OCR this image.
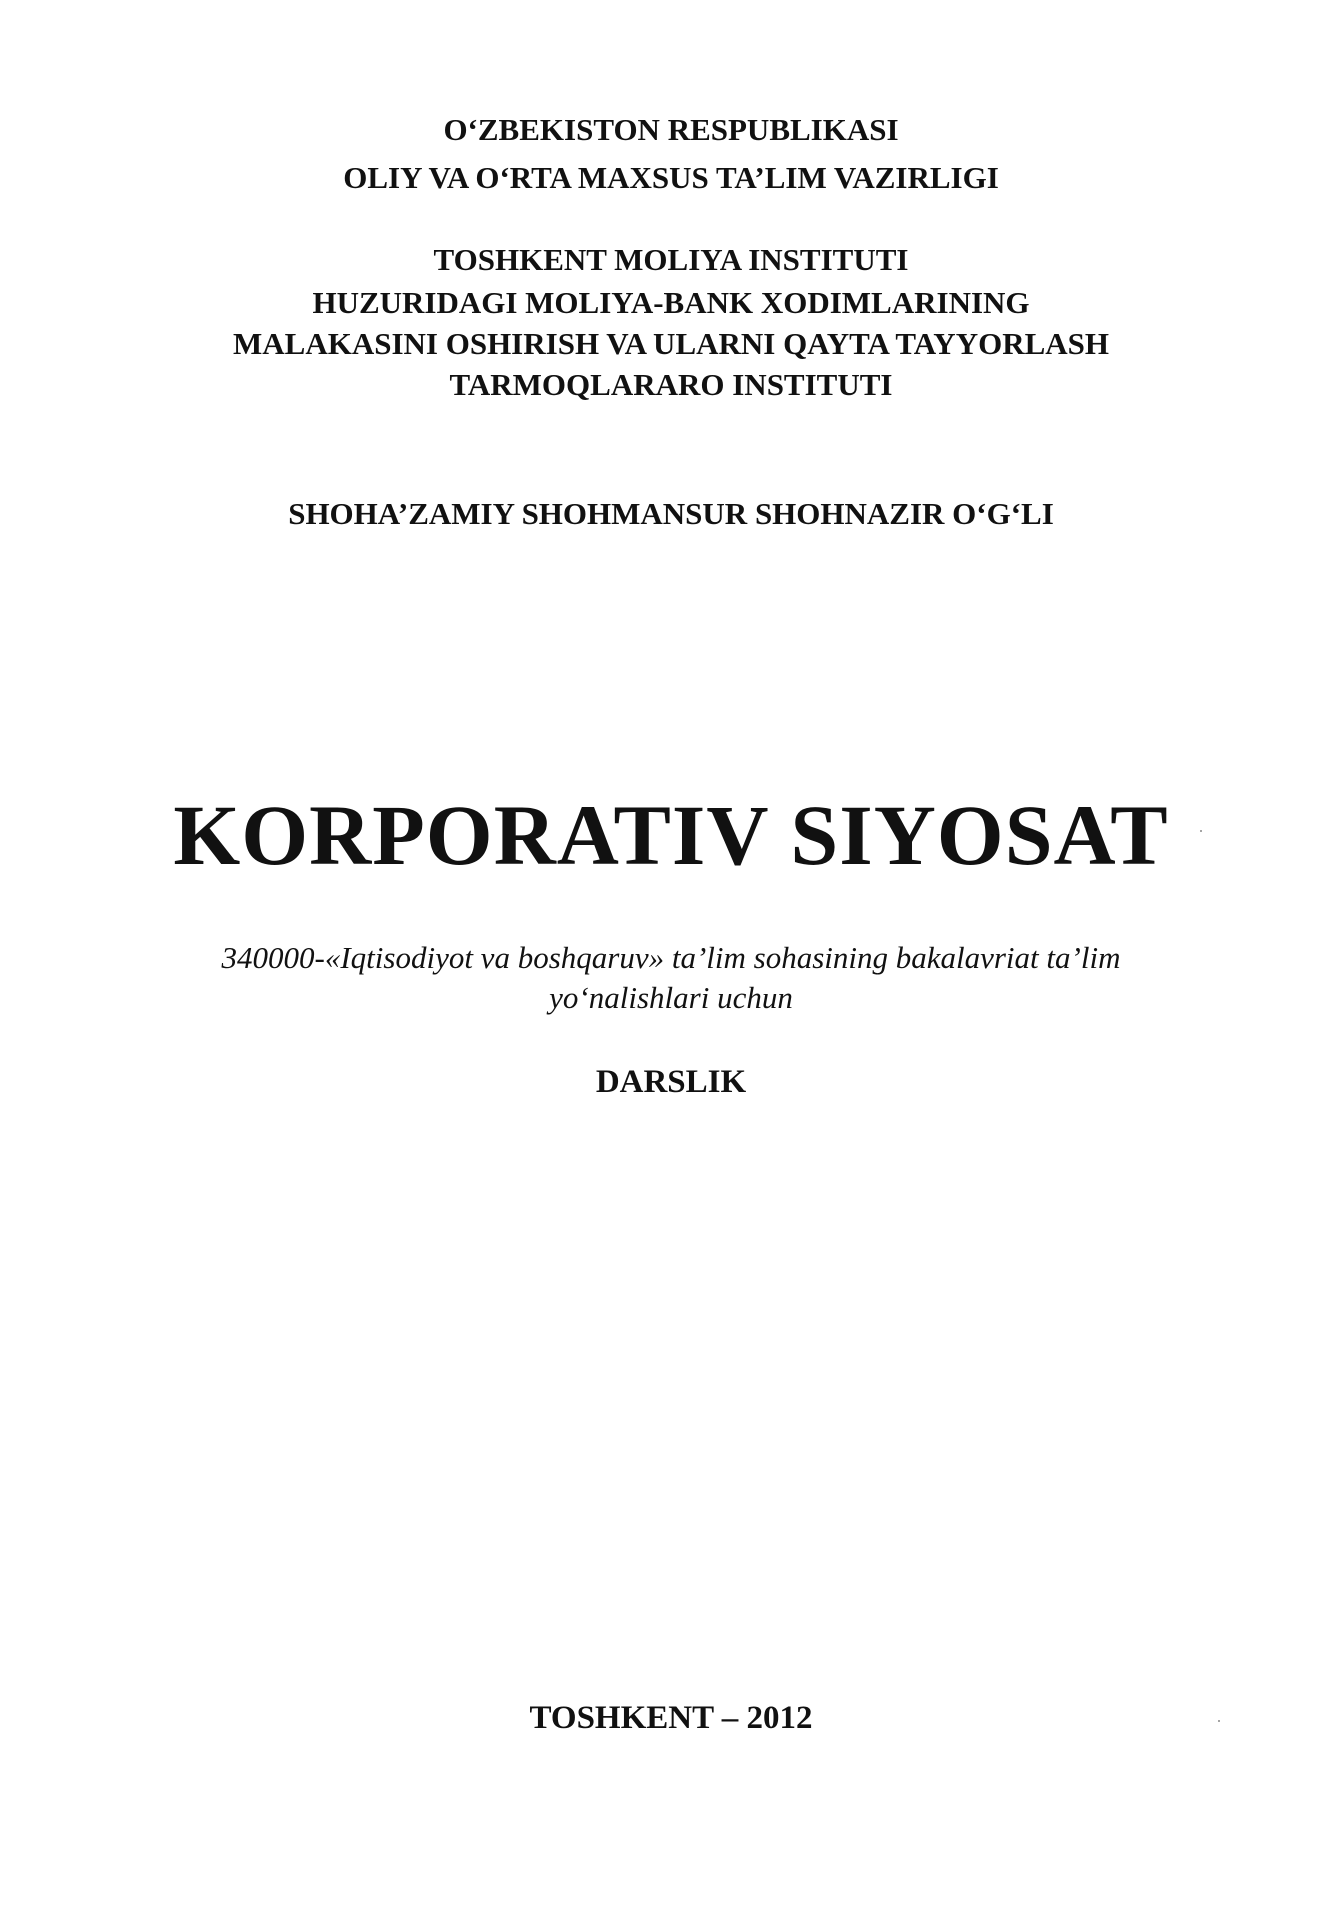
O‘ZBEKISTON RESPUBLIKASI
OLIY VA O‘RTA MAXSUS TA’LIM VAZIRLIGI
TOSHKENT MOLIYA INSTITUTI
HUZURIDAGI MOLIYA-BANK XODIMLARINING
MALAKASINI OSHIRISH VA ULARNI QAYTA TAYYORLASH
TARMOQLARARO INSTITUTI
SHOHA’ZAMIY SHOHMANSUR SHOHNAZIR O‘G‘LI
KORPORATIV SIYOSAT
340000-«Iqtisodiyot va boshqaruv» ta’lim sohasining bakalavriat ta’lim
yo‘nalishlari uchun
DARSLIK
TOSHKENT – 2012
